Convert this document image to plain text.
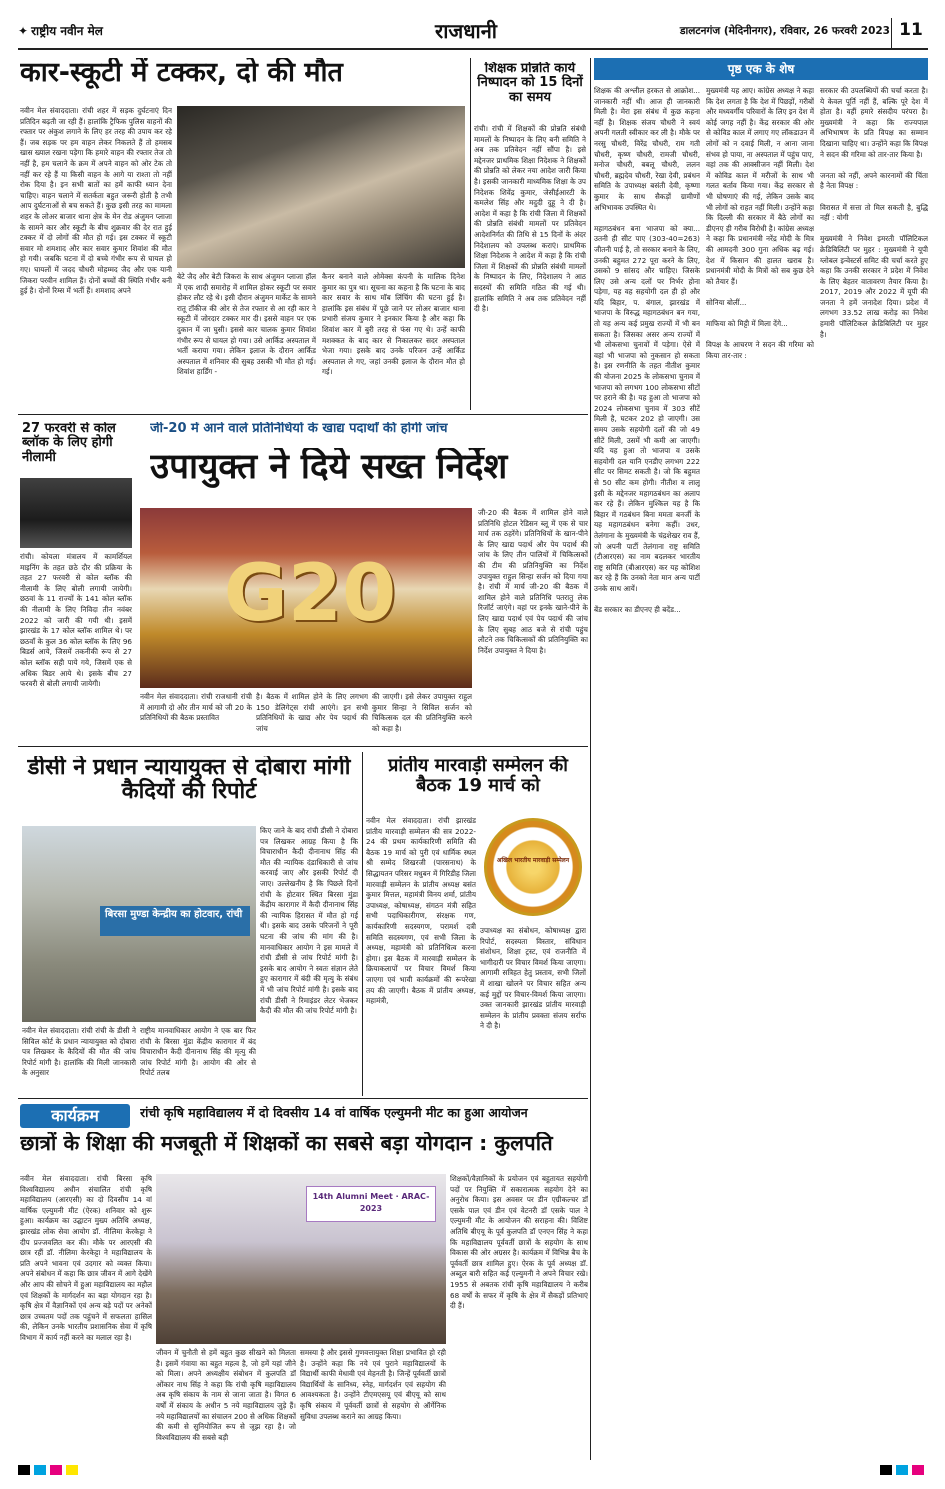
✦ राष्ट्रीय नवीन मेल	राजधानी	डालटनगंज (मेदिनीनगर), रविवार, 26 फरवरी 2023 11
कार-स्कूटी में टक्कर, दो की मौत
नवीन मेल संवाददाता। रांची शहर में सड़क दुर्घटनाएं दिन प्रतिदिन बढ़ती जा रही हैं। हालांकि ट्रैफिक पुलिस वाहनों की रफ्तार पर अंकुश लगाने के लिए हर तरह की उपाय कर रहे हैं। जब सड़क पर हम वाहन लेकर निकलते हैं तो हमसब खास ख्याल रखना पड़ेगा कि हमारे वाहन की रफ्तार तेज तो नहीं है, हम चलाने के क्रम में अपने वाहन को ओर टेक तो नहीं कर रहे हैं या किसी वाहन के आगे या राश्ता तो नहीं रोक दिया है। इन सभी बातों का हमें काफी ध्यान देना चाहिए। वाहन चलाने में सतर्कता बहुत जरूरी होती है तभी आप दुर्घटनाओं से बच सकते हैं। कुछ इसी तरह का मामला शहर के लोअर बाजार थाना क्षेत्र के मेन रोड अंजुमन प्लाजा के सामने कार और स्कूटी के बीच शुक्रवार की देर रात हुई टक्कर में दो लोगों की मौत हो गई। इस टक्कर में स्कूटी सवार मो शमशाद और कार सवार कुमार शिवांश की मौत हो गयी। जबकि घटना में दो बच्चे गंभीर रूप से घायल हो गए। घायलों में जदद चौधरी मोहम्मद जैद और एक यानी जिकरा परवीन शामिल हैं। दोनों बच्चों की स्थिति गंभीर बनी हुई है। दोनों रिम्स में भर्ती हैं। शमशाद अपने
बेटे जैद और बेटी जिकरा के साथ अंजुमन प्लाजा हॉल में एक शादी समारोह में शामिल होकर स्कूटी पर सवार होकर लौट रहे थे। इसी दौरान अंजुमन मार्केट के सामने रातू टॉकीज की ओर से तेज रफ्तार से आ रही कार ने स्कूटी में जोरदार टक्कर मार दी। इससे वाहन पर एक दुकान में जा घुसी। इससे कार चालक कुमार शिवांश गंभीर रूप से घायल हो गया। उसे आर्किड अस्पताल में भर्ती कराया गया। लेकिन इलाज के दौरान आर्किड अस्पताल में शनिवार की सुबह उसकी भी मौत हो गई। शिवांश हार्डिंग -
कैनर बनाने वाले ओमेक्स कंपनी के मालिक दिनेश कुमार का पुत्र था। सूचना का कहना है कि घटना के बाद कार सवार के साथ मॉब लिंचिंग की घटना हुई है। हालांकि इस संबंध में पूछे जाने पर लोअर बाजार थाना प्रभारी संजय कुमार ने इनकार किया है और कहा कि शिवांश कार में बुरी तरह से फंस गए थे। उन्हें काफी मशक्कत के बाद कार से निकालकर सदर अस्पताल भेजा गया। इसके बाद उनके परिजन उन्हें आर्किड अस्पताल ले गए, जहां उनकी इलाज के दौरान मौत हो गई।
शिक्षक प्रोन्नति कार्य निष्पादन को 15 दिनों का समय
रांची। रांची में शिक्षकों की प्रोन्नति संबंधी मामलों के निष्पादन के लिए बनी समिति ने अब तक प्रतिवेदन नहीं सौंपा है। इसे मद्देनजर प्राथमिक शिक्षा निदेशक ने शिक्षकों की प्रोन्नति को लेकर नया आदेश जारी किया है। इसकी जानकारी माध्यमिक शिक्षा के उप निदेशक शिवेंद्र कुमार, जेसीईआरटी के कमलेश सिंह और मदुदी दुहू ने दी है। आदेश में कहा है कि रांची जिला में शिक्षकों की प्रोन्नति संबंधी मामलों पर प्रतिवेदन आदेशनिर्गत की तिथि से 15 दिनों के अंदर निदेशालय को उपलब्ध कराएं। प्राथमिक शिक्षा निदेशक ने आदेश में कहा है कि रांची जिला में शिक्षकों की प्रोन्नति संबंधी मामलों के निष्पादन के लिए, निदेशालय ने आठ सदस्यों की समिति गठित की गई थी। हालांकि समिति ने अब तक प्रतिवेदन नहीं दी है।
27 फरवरी से कोल ब्लॉक के लिए होगी नीलामी
रांची। कोयला मंत्रालय में कामर्शियल माइनिंग के तहत छठे दौर की प्रक्रिया के तहत 27 फरवरी से कोल ब्लॉक की नीलामी के लिए बोली लगायी जायेगी। छठवां के 11 राज्यों के 141 कोल ब्लॉक की नीलामी के लिए निविदा तीन नवंबर 2022 को जारी की गयी थी। इसमें झारखंड के 17 कोल ब्लॉक शामिल थे। पर छठवाँ के कुल 36 कोल ब्लॉक के लिए 96 बिडर्स आये, जिसमें तकनीकी रूप से 27 कोल ब्लॉक सही पाये गये, जिसमें एक से अधिक बिडर आये थे। इसके बीच 27 फरवरी से बोली लगायी जायेगी।
जी-20 में आने वाले प्रतिनिधियों के खाद्य पदार्थों की होगी जांच
उपायुक्त ने दिये सख्त निर्देश
G20
जी-20 की बैठक में शामिल होने वाले प्रतिनिधि होटल रेडिसन ब्लू में एक से चार मार्च तक ठहरेंगे। प्रतिनिधियों के खान-पीने के लिए खाद्य पदार्थ और पेय पदार्थ की जांच के लिए तीन पालियों में चिकित्सकों की टीम की प्रतिनियुक्ति का निर्देश उपायुक्त राहुल सिन्हा सर्जन को दिया गया है। रांची में मार्च जी-20 की बैठक में शामिल होने वाले प्रतिनिधि पतरातु लेक रिजॉर्ट जाएंगे। वहां पर इनके खाने-पीने के लिए खाद्य पदार्थ एवं पेय पदार्थ की जांच के लिए सुबह आठ बजे से रांची पहुंच लौटने तक चिकित्सकों की प्रतिनियुक्ति का निर्देश उपायुक्त ने दिया है।
नवीन मेल संवाददाता। रांची राजधानी रांची में आगामी दो और तीन मार्च को जी 20 के प्रतिनिधियों की बैठक प्रस्तावित
है। बैठक में शामिल होने के लिए लगभग 150 डेलिगेट्स रांची आएंगे। इन सभी प्रतिनिधियों के खाद्य और पेय पदार्थ की जांच
की जाएगी। इसे लेकर उपायुक्त राहुल कुमार सिन्हा ने सिविल सर्जन को चिकित्सक दल की प्रतिनियुक्ति करने को कहा है।
डीसी ने प्रधान न्यायायुक्त से दोबारा मांगी कैदियों की रिपोर्ट
बिरसा मुण्डा केन्द्रीय का होटवार, रांची
नवीन मेल संवाददाता। रांची रांची के डीसी ने सिविल कोर्ट के प्रधान न्यायायुक्त को दोबारा पत्र लिखकर के कैदियों की मौत की जांच रिपोर्ट मांगी है। हालांकि की मिली जानकारी के अनुसार
राष्ट्रीय मानवाधिकार आयोग ने एक बार फिर रांची के बिरसा मुंडा केंद्रीय कारागार में बंद विचाराधीन कैदी दीनानाथ सिंह की मृत्यु की जांच रिपोर्ट मांगी है। आयोग की ओर से रिपोर्ट तलब
किए जाने के बाद रांची डीसी ने दोबारा पत्र लिखकर आग्रह किया है कि विचाराधीन कैदी दीनानाथ सिंह की मौत की न्यायिक दंडाधिकारी से जांच करवाई जाए और इसकी रिपोर्ट दी जाए। उल्लेखनीय है कि पिछले दिनों रांची के होटवार स्थित बिरसा मुंडा केंद्रीय कारागार में कैदी दीनानाथ सिंह की न्यायिक हिरासत में मौत हो गई थी। इसके बाद उसके परिजनों ने पूरी घटना की जांच की मांग की है। मानवाधिकार आयोग ने इस मामले में रांची डीसी से जांच रिपोर्ट मांगी है। इसके बाद आयोग ने स्वतः संज्ञान लेते हुए कारागार में बंदी की मृत्यु के संबंध में भी जांच रिपोर्ट मांगी है। इसके बाद रांची डीसी ने रिमाइंडर लेटर भेजकर कैदी की मौत की जांच रिपोर्ट मांगी है।
प्रांतीय मारवाड़ी सम्मेलन की बैठक 19 मार्च को
नवीन मेल संवाददाता। रांची झारखंड प्रांतीय मारवाड़ी सम्मेलन की सत्र 2022-24 की प्रथम कार्यकारिणी समिति की बैठक 19 मार्च को पुरी एवं धार्मिक स्थल श्री सम्मेद शिखरजी (पारसनाथ) के सिद्धायतन परिसर मधुबन में गिरिडीह जिला मारवाड़ी सम्मेलन के प्रांतीय अध्यक्ष बसंत कुमार मित्तल, महामंत्री विनय शर्मा, प्रांतीय उपाध्यक्ष, कोषाध्यक्ष, संगठन मंत्री सहित सभी पदाधिकारीगण, संरक्षक गण, कार्यकारिणी सदस्यगण, परामर्श दत्री समिति सदस्यगण, एवं सभी जिला के अध्यक्ष, महामंत्री को प्रतिनिधित्व करना होगा। इस बैठक में मारवाड़ी सम्मेलन के क्रियाकलापों पर विचार विमर्श किया जाएगा एवं भावी कार्यक्रमों की रूपरेखा तय की जाएगी। बैठक में प्रांतीय अध्यक्ष, महामंत्री,
अखिल भारतीय मारवाड़ी सम्मेलन
उपाध्यक्ष का संबोधन, कोषाध्यक्ष द्वारा रिपोर्ट, सदस्यता विस्तार, संविधान संशोधन, शिक्षा ट्रस्ट, एवं राजनीति में भागीदारी पर विचार विमर्श किया जाएगा। आगामी सत्रिहत हेतु प्रस्ताव, सभी जिलों में शाखा खोलने पर विचार सहित अन्य कई मुद्दों पर विचार-विमर्श किया जाएगा। उक्त जानकारी झारखंड प्रांतीय मारवाड़ी सम्मेलन के प्रांतीय प्रवक्ता संजय सर्राफ ने दी है।
कार्यक्रम	रांची कृषि महाविद्यालय में दो दिवसीय 14 वां वार्षिक एल्युमनी मीट का हुआ आयोजन
छात्रों के शिक्षा की मजबूती में शिक्षकों का सबसे बड़ा योगदान : कुलपति
नवीन मेल संवाददाता। रांची बिरसा कृषि विश्वविद्यालय अधीन संचालित रांची कृषि महाविद्यालय (आरएसी) का दो दिवसीय 14 वां वार्षिक एल्युमनी मीट (ऐरक) शनिवार को शुरू हुआ। कार्यक्रम का उद्घाटन मुख्य अतिथि अध्यक्ष, झारखंड लोक सेवा आयोग डॉ. नीलिमा केरकेट्टा ने दीप प्रज्जवलित कर की। मौके पर आरएसी की छात्र रहीं डॉ. नीलिमा केरकेट्टा ने महाविद्यालय के प्रति अपने भावना एवं उदगार को व्यक्त किया। अपने संबोधन में कहा कि छात्र जीवन में आगे देखेंगे और आप की सोचने में हुआ महाविद्यालय का महौल एवं शिक्षकों के मार्गदर्शन का बड़ा योगदान रहा है। कृषि क्षेत्र में वैज्ञानिकों एवं अन्य बड़े पदों पर अनेकों छात्र उच्चतम पदों तक पहुंचने में सफलता हासिल की, लेकिन उनके भारतीय प्रशासनिक सेवा में कृषि विभाग में कार्य नहीं करने का मलाल रहा है।
14th Alumni Meet · ARAC-2023
जीवन में चुनौती से हमें बहुत कुछ सीखने को मिलता है। इसमें गंवाया का बहुत महत्व है, जो हमें यहां जीने को मिला। अपने अध्यक्षीय संबोधन में कुलपति डॉ ओंकार नाथ सिंह ने कहा कि रांची कृषि महाविद्यालय अब कृषि संकाय के नाम से जाना जाता है। विगत 6 वर्षों में संकाय के अधीन 5 नये महाविद्यालय जुड़े हैं। नये महाविद्यालयों का संचालन 200 से अधिक शिक्षकों की कमी से सुनियोजित रूप से जूझ रहा है। जो विश्वविद्यालय की सबसे बड़ी
समस्या है और इससे गुणवत्तायुक्त शिक्षा प्रभावित हो रही है। उन्होंने कहा कि नये एवं पुराने महाविद्यालयों के विद्यार्थी काफी मेधावी एवं मेहनती है। जिन्हें पूर्ववर्ती छात्रों विद्यार्थियों के सानिध्य, स्नेह, मार्गदर्शन एवं सहयोग की आवश्यकता है। उन्होंने टीएमएसयू एवं बीएयू को साथ कृषि संकाय में पूर्ववर्ती छात्रों से सहयोग से ऑर्गेनिक सुविधा उपलब्ध कराने का आग्रह किया।
शिक्षकों/वैज्ञानिकों के प्रयोजन एवं बहुतायत सहयोगी पदों पर नियुक्ति में सकारात्मक सहयोग देने का अनुरोध किया। इस अवसर पर डीन एग्रीकल्चर डॉ एसके पाल एवं डीन एवं वेटनरी डॉ एसके पाल ने एल्युमनी मीट के आयोजन की सराहना की। विशिष्ट अतिथि बीएयू के पूर्व कुलपति डॉ एनएन सिंह ने कहा कि महाविद्यालय पूर्ववर्ती छात्रों के सहयोग के साथ विकास की ओर अग्रसर है। कार्यक्रम में विभिन्न बैच के पूर्ववर्ती छात्र शामिल हुए। ऐरक के पूर्व अध्यक्ष डॉ. अब्दुल बारी सहित कई एल्युमनी ने अपने विचार रखे। 1955 से अबतक रांची कृषि महाविद्यालय ने करीब 68 वर्षों के सफर में कृषि के क्षेत्र में सैकड़ों प्रतिभाएं दी हैं।
पृष्ठ एक के शेष
शिक्षक की अश्लील हरकत से आक्रोश... जानकारी नहीं थी। आज ही जानकारी मिली है। मेरा इस संबंध में कुछ कहना नहीं है। शिक्षक संजय चौधरी ने स्वयं अपनी गलती स्वीकार कर ली है। मौके पर नरसु चौधरी, विरेंद्र चौधरी, राम गती चौधरी, कृष्ण चौधरी, रामजी चौधरी, मनोज चौधरी, बबलू चौधरी, ललन चौधरी, ब्रह्मदेव चौधरी, रेखा देवी, प्रबंधन समिति के उपाध्यक्ष बसंती देवी, कृष्णा कुमार के साथ सैकड़ों ग्रामीणों अभिभावक उपस्थित थे।

महागठबंधन बना भाजपा को क्या... उतनी ही सीट पाए (303-40=263) जीतनी पाई है, तो सरकार बनाने के लिए, उनकी बहुमत 272 पूरा करने के लिए, उसको 9 सांसद और चाहिए। जिसके लिए उसे अन्य दलों पर निर्भर होना पड़ेगा, यह वह सहयोगी दल ही हो और यदि बिहार, प. बंगाल, झारखंड में भाजपा के विरुद्ध महागठबंधन बन गया, तो यह अन्य कई प्रमुख राज्यों में भी बन सकता है। जिसका असर अन्य राज्यों में भी लोकसभा चुनावों में पड़ेगा। ऐसे में वहां भी भाजपा को नुकसान हो सकता है। इस रणनीति के तहत नीतीश कुमार की योजना 2025 के लोकसभा चुनाव में भाजपा को लगभग 100 लोकसभा सीटों पर हराने की है। यह हुआ तो भाजपा को 2024 लोकसभा चुनाव में 303 सीटें मिली है, घटकर 202 हो जाएगी। उस समय उसके सहयोगी दलों की जो 49 सीटें मिली, उसमें भी कमी आ जाएगी। यदि यह हुआ तो भाजपा व उसके सहयोगी दल यानि एनडीए लगभग 222 सीट पर सिमट सकती है। जो कि बहुमत से 50 सीट कम होगी। नीतीश व लालू इसी के मद्देनजर महागठबंधन का अलाप कर रहे हैं। लेकिन मुश्किल यह है कि बिहार में गठबंधन बिना ममता बनर्जी के यह महागठबंधन बनेगा कहीं। उधर, तेलंगाना के मुख्यमंत्री के चंद्रशेखर राव हैं, जो अपनी पार्टी तेलंगाना राष्ट्र समिति (टीआरएस) का नाम बदलकर भारतीय राष्ट्र समिति (बीआरएस) कर यह कोशिश कर रहे हैं कि उनको नेता मान अन्य पार्टी उनके साथ आयें।

बेंड सरकार का डीएनए ही बदेंड...
मुख्यमंत्री यह आए। कांग्रेस अध्यक्ष ने कहा कि देश लगता है कि देश में पिछड़ों, गरीबों और मध्यवर्गीय परिवारों के लिए इन देश में कोई जगह नहीं है। केंद्र सरकार की ओर से कोविड काल में लगाए गए लॉकडाउन में लोगों को न दवाई मिली, न आना जाना संभव हो पाया, ना अस्पताल में पहुंच पाए, वहां तक की आक्सीजन नहीं मिली। देश में कोविड काल में मरीजों के साथ भी गलत बर्ताव किया गया। केंद्र सरकार से भी घोषणाएं की गई, लेकिन उसके बाद भी लोगों को राहत नहीं मिली। उन्होंने कहा कि दिल्ली की सरकार में बैठे लोगों का डीएनए ही गरीब विरोधी है। कांग्रेस अध्यक्ष ने कहा कि प्रधानमंत्री नरेंद्र मोदी के मित्र की आमदनी 300 गुना अधिक बढ़ गई। देश में किसान की हालत खराब है। प्रधानमंत्री मोदी के मित्रों को सब कुछ देने को तैयार हैं।

सोनिया बोलीं...

माफिया को मिट्टी में मिला देंगे...

विपक्ष के आचरण ने सदन की गरिमा को किया तार-तार :
सरकार की उपलब्धियों की चर्चा करता है। ये केवल पूर्ति नहीं हैं, बल्कि पूरे देश में होता है। वहीं हमारे संसदीय परंपरा है। मुख्यमंत्री ने कहा कि राज्यपाल अभिभाषण के प्रति विपक्ष का सम्मान दिखाना चाहिए था। उन्होंने कहा कि विपक्ष ने सदन की गरिमा को तार-तार किया है।

जनता को नहीं, अपने कारनामों की चिंता है नेता विपक्ष :

विरासत में सत्ता तो मिल सकती है, बुद्धि नहीं : योगी

मुख्यमंत्री ने निवेश इमरती पॉलिटिकल क्रेडिबिलिटी पर मुहर : मुख्यमंत्री ने यूपी ग्लोबल इन्वेस्टर्स समिट की चर्चा करते हुए कहा कि उनकी सरकार ने प्रदेश में निवेश के लिए बेहतर वातावरण तैयार किया है। 2017, 2019 और 2022 में यूपी की जनता ने हमें जनादेश दिया। प्रदेश में लगभग 33.52 लाख करोड़ का निवेश हमारी पॉलिटिकल क्रेडिबिलिटी पर मुहर है।
